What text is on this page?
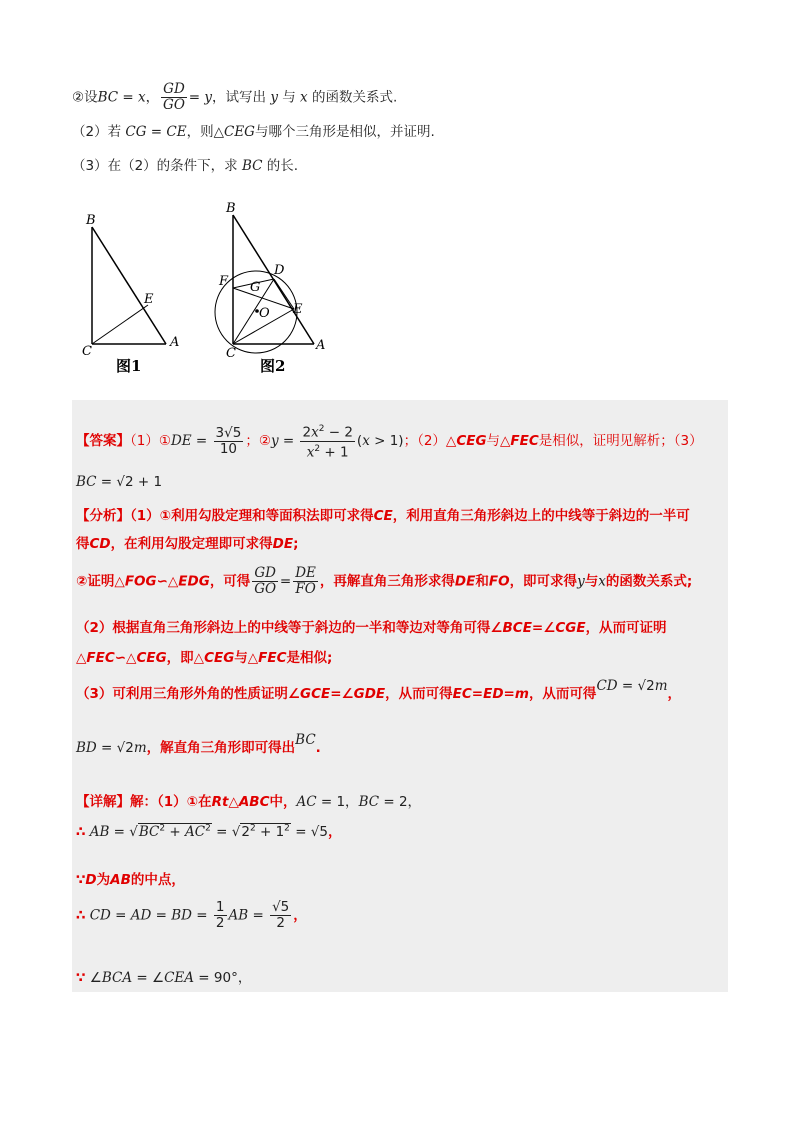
②设BC = x， $\frac{GD}{GO} = y$，试写出 y 与 x 的函数关系式.
（2）若 CG = CE，则△CEG与哪个三角形是相似，并证明.
（3）在（2）的条件下，求 BC 的长.
B
E
C
A
图1
B
D
F G
E
O
C
A
图2
【答案】（1）①DE = $\frac{3√5}{10}$ ；②y = $\frac{2x^2 - 2}{x^2 + 1} (x > 1)$；（2）△CEG与△FEC是相似，证明见解析；（3）
BC = √2 + 1
【分析】（1）①利用勾股定理和等面积法即可求得CE，利用直角三角形斜边上的中线等于斜边的一半可
得CD，在利用勾股定理即可求得DE;
②证明△FOG∽△EDG，可得 $\frac{GD}{GO} = \frac{DE}{FO}$ ，再解直角三角形求得DE和FO，即可求得y与x的函数关系式;
（2）根据直角三角形斜边上的中线等于斜边的一半和等边对等角可得∠BCE=∠CGE，从而可证明
△FEC∽△CEG，即△CEG与△FEC是相似;
（3）可利用三角形外角的性质证明∠GCE=∠GDE，从而可得EC=ED=m，从而可得CD = √2m，
BD = √2m，解直角三角形即可得出BC.
【详解】解：（1）①在Rt△ABC中，AC = 1，BC = 2，
∴ AB = $√BC^2 + AC^2 = √2^2 + 1^2 = √5$，
∵D为AB的中点，
∴ CD = AD = BD = $\frac{1}{2}$ AB = $\frac{√5}{2}$ ，
∵ ∠BCA = ∠CEA = 90°，
